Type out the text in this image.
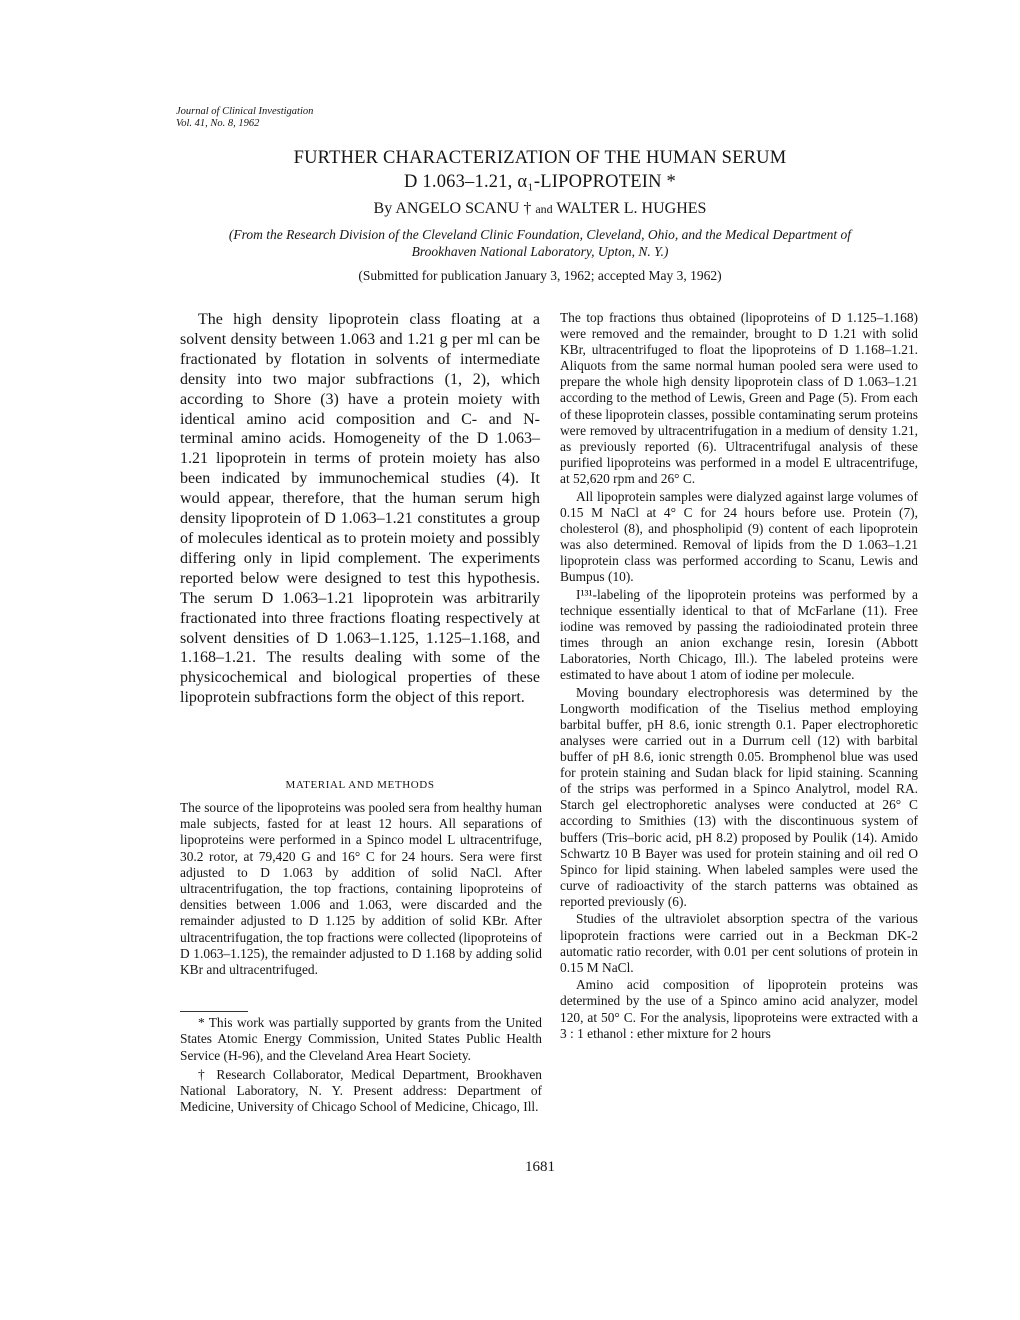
Journal of Clinical Investigation
Vol. 41, No. 8, 1962
FURTHER CHARACTERIZATION OF THE HUMAN SERUM
D 1.063–1.21, α₁-LIPOPROTEIN *
By ANGELO SCANU † and WALTER L. HUGHES
(From the Research Division of the Cleveland Clinic Foundation, Cleveland, Ohio, and the Medical Department of Brookhaven National Laboratory, Upton, N. Y.)
(Submitted for publication January 3, 1962; accepted May 3, 1962)

The high density lipoprotein class floating at a solvent density between 1.063 and 1.21 g per ml can be fractionated by flotation in solvents of intermediate density into two major subfractions (1, 2), which according to Shore (3) have a protein moiety with identical amino acid composition and C- and N-terminal amino acids. Homogeneity of the D 1.063–1.21 lipoprotein in terms of protein moiety has also been indicated by immunochemical studies (4). It would appear, therefore, that the human serum high density lipoprotein of D 1.063–1.21 constitutes a group of molecules identical as to protein moiety and possibly differing only in lipid complement. The experiments reported below were designed to test this hypothesis. The serum D 1.063–1.21 lipoprotein was arbitrarily fractionated into three fractions floating respectively at solvent densities of D 1.063–1.125, 1.125–1.168, and 1.168–1.21. The results dealing with some of the physicochemical and biological properties of these lipoprotein subfractions form the object of this report.

MATERIAL AND METHODS

The source of the lipoproteins was pooled sera from healthy human male subjects, fasted for at least 12 hours. All separations of lipoproteins were performed in a Spinco model L ultracentrifuge, 30.2 rotor, at 79,420 G and 16° C for 24 hours. Sera were first adjusted to D 1.063 by addition of solid NaCl. After ultracentrifugation, the top fractions, containing lipoproteins of densities between 1.006 and 1.063, were discarded and the remainder adjusted to D 1.125 by addition of solid KBr. After ultracentrifugation, the top fractions were collected (lipoproteins of D 1.063–1.125), the remainder adjusted to D 1.168 by adding solid KBr and ultracentrifuged.

* This work was partially supported by grants from the United States Atomic Energy Commission, United States Public Health Service (H-96), and the Cleveland Area Heart Society.

† Research Collaborator, Medical Department, Brookhaven National Laboratory, N. Y. Present address: Department of Medicine, University of Chicago School of Medicine, Chicago, Ill.

The top fractions thus obtained (lipoproteins of D 1.125–1.168) were removed and the remainder, brought to D 1.21 with solid KBr, ultracentrifuged to float the lipoproteins of D 1.168–1.21. Aliquots from the same normal human pooled sera were used to prepare the whole high density lipoprotein class of D 1.063–1.21 according to the method of Lewis, Green and Page (5). From each of these lipoprotein classes, possible contaminating serum proteins were removed by ultracentrifugation in a medium of density 1.21, as previously reported (6). Ultracentrifugal analysis of these purified lipoproteins was performed in a model E ultracentrifuge, at 52,620 rpm and 26° C.

All lipoprotein samples were dialyzed against large volumes of 0.15 M NaCl at 4° C for 24 hours before use. Protein (7), cholesterol (8), and phospholipid (9) content of each lipoprotein was also determined. Removal of lipids from the D 1.063–1.21 lipoprotein class was performed according to Scanu, Lewis and Bumpus (10).

I¹³¹-labeling of the lipoprotein proteins was performed by a technique essentially identical to that of McFarlane (11). Free iodine was removed by passing the radioiodinated protein three times through an anion exchange resin, Ioresin (Abbott Laboratories, North Chicago, Ill.). The labeled proteins were estimated to have about 1 atom of iodine per molecule.

Moving boundary electrophoresis was determined by the Longworth modification of the Tiselius method employing barbital buffer, pH 8.6, ionic strength 0.1. Paper electrophoretic analyses were carried out in a Durrum cell (12) with barbital buffer of pH 8.6, ionic strength 0.05. Bromphenol blue was used for protein staining and Sudan black for lipid staining. Scanning of the strips was performed in a Spinco Analytrol, model RA. Starch gel electrophoretic analyses were conducted at 26° C according to Smithies (13) with the discontinuous system of buffers (Tris–boric acid, pH 8.2) proposed by Poulik (14). Amido Schwartz 10 B Bayer was used for protein staining and oil red O Spinco for lipid staining. When labeled samples were used the curve of radioactivity of the starch patterns was obtained as reported previously (6).

Studies of the ultraviolet absorption spectra of the various lipoprotein fractions were carried out in a Beckman DK-2 automatic ratio recorder, with 0.01 per cent solutions of protein in 0.15 M NaCl.

Amino acid composition of lipoprotein proteins was determined by the use of a Spinco amino acid analyzer, model 120, at 50° C. For the analysis, lipoproteins were extracted with a 3 : 1 ethanol : ether mixture for 2 hours

1681
